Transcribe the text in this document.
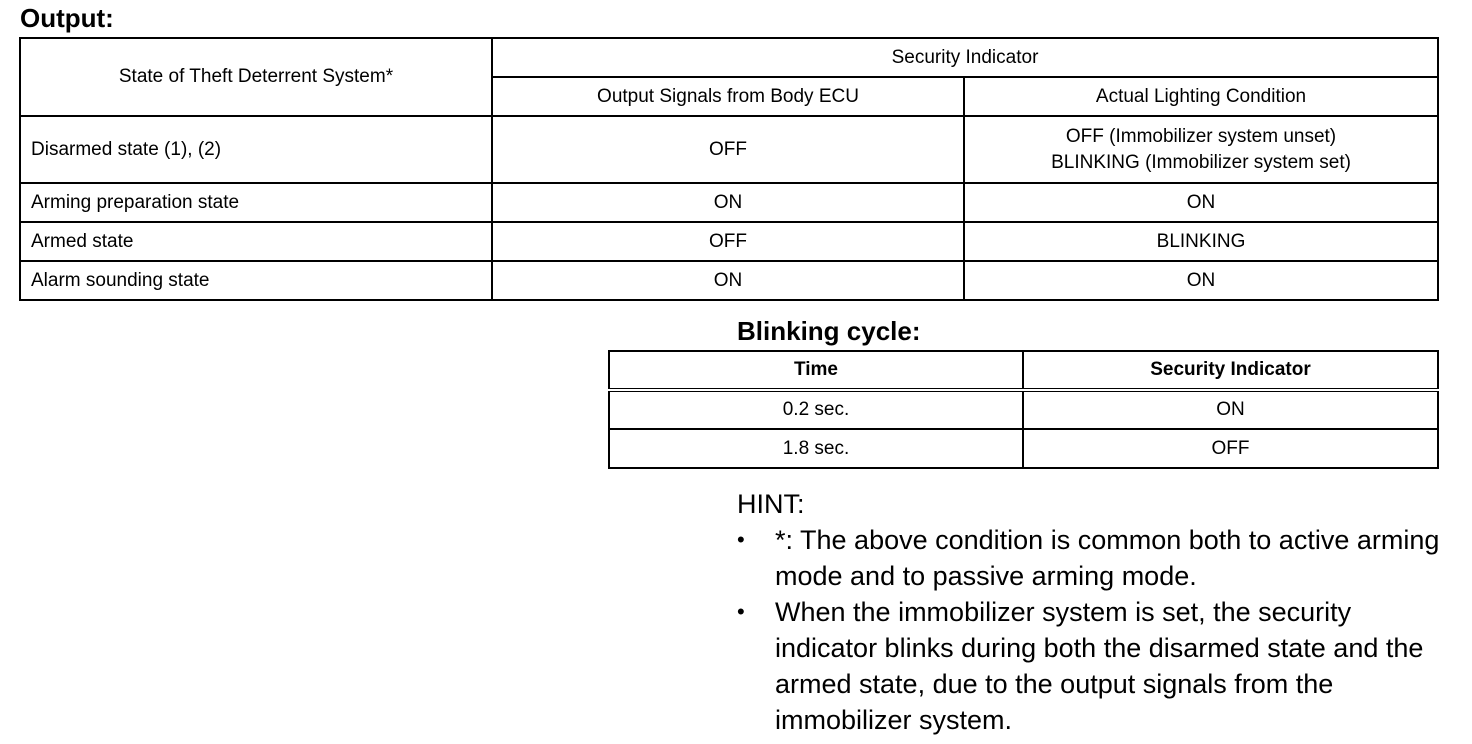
Output:
State of Theft Deterrent System*	Security Indicator	
	Output Signals from Body ECU	Actual Lighting Condition
Disarmed state (1), (2)	OFF	OFF (Immobilizer system unset)
BLINKING (Immobilizer system set)

Arming preparation state	ON	ON
Armed state	OFF	BLINKING
Alarm sounding state	ON	ON
Blinking cycle:
Time	Security Indicator
0.2 sec.	ON
1.8 sec.	OFF

HINT:

• *: The above condition is common both to active arming mode and to passive arming mode.
• When the immobilizer system is set, the security indicator blinks during both the disarmed state and the armed state, due to the output signals from the immobilizer system.
